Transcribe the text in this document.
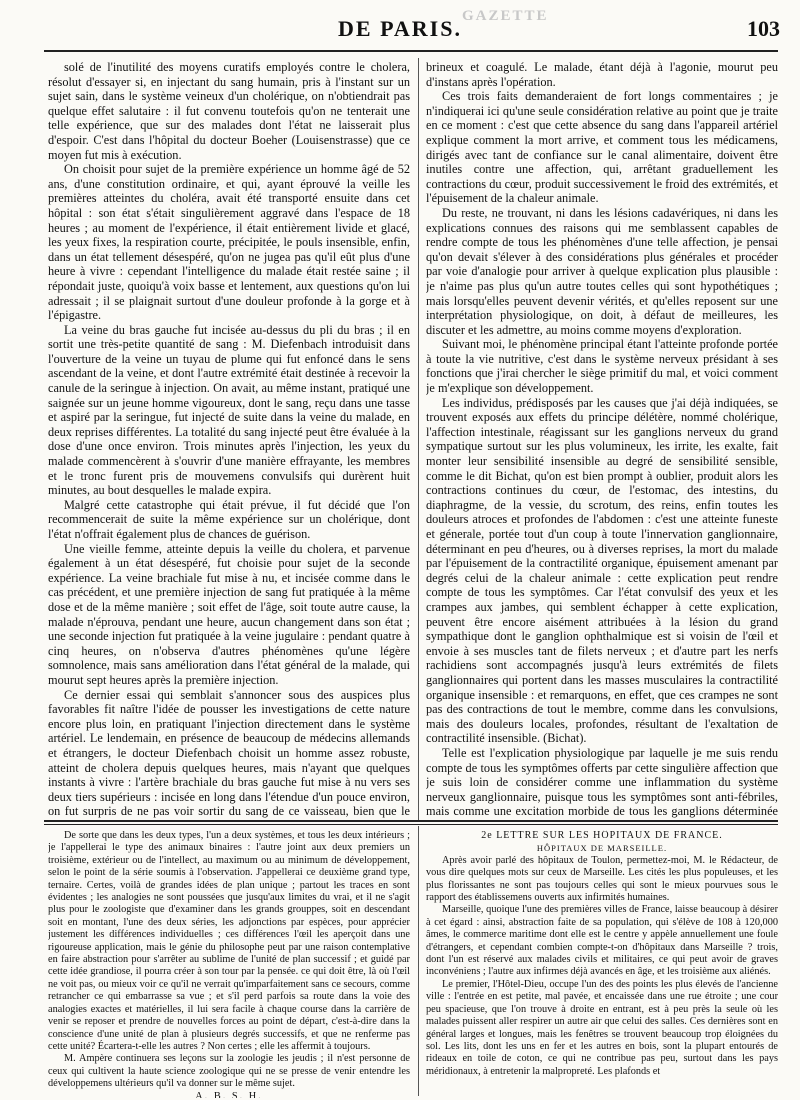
GAZETTE
DE PARIS.	103

solé de l'inutilité des moyens curatifs employés contre le cholera, résolut d'essayer si, en injectant du sang humain, pris à l'instant sur un sujet sain, dans le système veineux d'un cholérique, on n'obtiendrait pas quelque effet salutaire : il fut convenu toutefois qu'on ne tenterait une telle expérience, que sur des malades dont l'état ne laisserait plus d'espoir. C'est dans l'hôpital du docteur Boeher (Louisenstrasse) que ce moyen fut mis à exécution.

On choisit pour sujet de la première expérience un homme âgé de 52 ans, d'une constitution ordinaire, et qui, ayant éprouvé la veille les premières atteintes du choléra, avait été transporté ensuite dans cet hôpital : son état s'était singulièrement aggravé dans l'espace de 18 heures ; au moment de l'expérience, il était entièrement livide et glacé, les yeux fixes, la respiration courte, précipitée, le pouls insensible, enfin, dans un état tellement désespéré, qu'on ne jugea pas qu'il eût plus d'une heure à vivre : cependant l'intelligence du malade était restée saine ; il répondait juste, quoiqu'à voix basse et lentement, aux questions qu'on lui adressait ; il se plaignait surtout d'une douleur profonde à la gorge et à l'épigastre.

La veine du bras gauche fut incisée au-dessus du pli du bras ; il en sortit une très-petite quantité de sang : M. Diefenbach introduisit dans l'ouverture de la veine un tuyau de plume qui fut enfoncé dans le sens ascendant de la veine, et dont l'autre extrémité était destinée à recevoir la canule de la seringue à injection. On avait, au même instant, pratiqué une saignée sur un jeune homme vigoureux, dont le sang, reçu dans une tasse et aspiré par la seringue, fut injecté de suite dans la veine du malade, en deux reprises différentes. La totalité du sang injecté peut être évaluée à la dose d'une once environ. Trois minutes après l'injection, les yeux du malade commencèrent à s'ouvrir d'une manière effrayante, les membres et le tronc furent pris de mouvemens convulsifs qui durèrent huit minutes, au bout desquelles le malade expira.

Malgré cette catastrophe qui était prévue, il fut décidé que l'on recommencerait de suite la même expérience sur un cholérique, dont l'état n'offrait également plus de chances de guérison.

Une vieille femme, atteinte depuis la veille du cholera, et parvenue également à un état désespéré, fut choisie pour sujet de la seconde expérience. La veine brachiale fut mise à nu, et incisée comme dans le cas précédent, et une première injection de sang fut pratiquée à la même dose et de la même manière ; soit effet de l'âge, soit toute autre cause, la malade n'éprouva, pendant une heure, aucun changement dans son état ; une seconde injection fut pratiquée à la veine jugulaire : pendant quatre à cinq heures, on n'observa d'autres phénomènes qu'une légère somnolence, mais sans amélioration dans l'état général de la malade, qui mourut sept heures après la première injection.

Ce dernier essai qui semblait s'annoncer sous des auspices plus favorables fit naître l'idée de pousser les investigations de cette nature encore plus loin, en pratiquant l'injection directement dans le système artériel. Le lendemain, en présence de beaucoup de médecins allemands et étrangers, le docteur Diefenbach choisit un homme assez robuste, atteint de cholera depuis quelques heures, mais n'ayant que quelques instants à vivre : l'artère brachiale du bras gauche fut mise à nu vers ses deux tiers supérieurs : incisée en long dans l'étendue d'un pouce environ, on fut surpris de ne pas voir sortir du sang de ce vaisseau, bien que le

brineux et coagulé. Le malade, étant déjà à l'agonie, mourut peu d'instans après l'opération.

Ces trois faits demanderaient de fort longs commentaires ; je n'indiquerai ici qu'une seule considération relative au point que je traite en ce moment : c'est que cette absence du sang dans l'appareil artériel explique comment la mort arrive, et comment tous les médicamens, dirigés avec tant de confiance sur le canal alimentaire, doivent être inutiles contre une affection, qui, arrêtant graduellement les contractions du cœur, produit successivement le froid des extrémités, et l'épuisement de la chaleur animale.

Du reste, ne trouvant, ni dans les lésions cadavériques, ni dans les explications connues des raisons qui me semblassent capables de rendre compte de tous les phénomènes d'une telle affection, je pensai qu'on devait s'élever à des considérations plus générales et procéder par voie d'analogie pour arriver à quelque explication plus plausible : je n'aime pas plus qu'un autre toutes celles qui sont hypothétiques ; mais lorsqu'elles peuvent devenir vérités, et qu'elles reposent sur une interprétation physiologique, on doit, à défaut de meilleures, les discuter et les admettre, au moins comme moyens d'exploration.

Suivant moi, le phénomène principal étant l'atteinte profonde portée à toute la vie nutritive, c'est dans le système nerveux présidant à ses fonctions que j'irai chercher le siège primitif du mal, et voici comment je m'explique son développement.

Les individus, prédisposés par les causes que j'ai déjà indiquées, se trouvent exposés aux effets du principe délétère, nommé cholérique, l'affection intestinale, réagissant sur les ganglions nerveux du grand sympatique surtout sur les plus volumineux, les irrite, les exalte, fait monter leur sensibilité insensible au degré de sensibilité sensible, comme le dit Bichat, qu'on est bien prompt à oublier, produit alors les contractions continues du cœur, de l'estomac, des intestins, du diaphragme, de la vessie, du scrotum, des reins, enfin toutes les douleurs atroces et profondes de l'abdomen : c'est une atteinte funeste et génerale, portée tout d'un coup à toute l'innervation ganglionnaire, déterminant en peu d'heures, ou à diverses reprises, la mort du malade par l'épuisement de la contractilité organique, épuisement amenant par degrés celui de la chaleur animale : cette explication peut rendre compte de tous les symptômes. Car l'état convulsif des yeux et les crampes aux jambes, qui semblent échapper à cette explication, peuvent être encore aisément attribuées à la lésion du grand sympathique dont le ganglion ophthalmique est si voisin de l'œil et envoie à ses muscles tant de filets nerveux ; et d'autre part les nerfs rachidiens sont accompagnés jusqu'à leurs extrémités de filets ganglionnaires qui portent dans les masses musculaires la contractilité organique insensible : et remarquons, en effet, que ces crampes ne sont pas des contractions de tout le membre, comme dans les convulsions, mais des douleurs locales, profondes, résultant de l'exaltation de contractilité insensible. (Bichat).

Telle est l'explication physiologique par laquelle je me suis rendu compte de tous les symptômes offerts par cette singulière affection que je suis loin de considérer comme une inflammation du système nerveux ganglionnaire, puisque tous les symptômes sont anti-fébriles, mais comme une excitation morbide de tous les ganglions déterminée

De sorte que dans les deux types, l'un a deux systèmes, et tous les deux intérieurs ; je l'appellerai le type des animaux binaires : l'autre joint aux deux premiers un troisième, extérieur ou de l'intellect, au maximum ou au minimum de développement, selon le point de la série soumis à l'observation. J'appellerai ce deuxième grand type, ternaire. Certes, voilà de grandes idées de plan unique ; partout les traces en sont évidentes ; les analogies ne sont poussées que jusqu'aux limites du vrai, et il ne s'agit plus pour le zoologiste que d'examiner dans les grands grouppes, soit en descendant soit en montant, l'une des deux séries, les adjonctions par espèces, pour apprécier justement les différences individuelles ; ces différences l'œil les aperçoit dans une rigoureuse application, mais le génie du philosophe peut par une raison contemplative en faire abstraction pour s'arrêter au sublime de l'unité de plan successif ; et guidé par cette idée grandiose, il pourra créer à son tour par la pensée. ce qui doit être, là où l'œil ne voit pas, ou mieux voir ce qu'il ne verrait qu'imparfaitement sans ce secours, comme retrancher ce qui embarrasse sa vue ; et s'il perd parfois sa route dans la voie des analogies exactes et matérielles, il lui sera facile à chaque course dans la carrière de venir se reposer et prendre de nouvelles forces au point de départ, c'est-à-dire dans la conscience d'une unité de plan à plusieurs degrés successifs, et que ne renferme pas cette unité? Écartera-t-elle les autres ? Non certes ; elle les affermit à toujours.

M. Ampère continuera ses leçons sur la zoologie les jeudis ; il n'est personne de ceux qui cultivent la haute science zoologique qui ne se presse de venir entendre les développemens ultérieurs qu'il va donner sur le même sujet.

A. B. S. H.

2e LETTRE SUR LES HÔPITAUX DE FRANCE.

HÔPITAUX DE MARSEILLE.

Après avoir parlé des hôpitaux de Toulon, permettez-moi, M. le Rédacteur, de vous dire quelques mots sur ceux de Marseille. Les cités les plus populeuses, et les plus florissantes ne sont pas toujours celles qui sont le mieux pourvues sous le rapport des établissemens ouverts aux infirmités humaines.

Marseille, quoique l'une des premières villes de France, laisse beaucoup à désirer à cet égard : ainsi, abstraction faite de sa population, qui s'élève de 108 à 120,000 âmes, le commerce maritime dont elle est le centre y appèle annuellement une foule d'étrangers, et cependant combien compte-t-on d'hôpitaux dans Marseille ? trois, dont l'un est réservé aux malades civils et militaires, ce qui peut avoir de graves inconvéniens ; l'autre aux infirmes déjà avancés en âge, et les troisième aux aliénés.

Le premier, l'Hôtel-Dieu, occupe l'un des des points les plus élevés de l'ancienne ville : l'entrée en est petite, mal pavée, et encaissée dans une rue étroite ; une cour peu spacieuse, que l'on trouve à droite en entrant, est à peu près la seule où les malades puissent aller respirer un autre air que celui des salles. Ces dernières sont en général larges et longues, mais les fenêtres se trouvent beaucoup trop éloignées du sol. Les lits, dont les uns en fer et les autres en bois, sont la plupart entourés de rideaux en toile de coton, ce qui ne contribue pas peu, surtout dans les pays méridionaux, à entretenir la malpropreté. Les plafonds et
